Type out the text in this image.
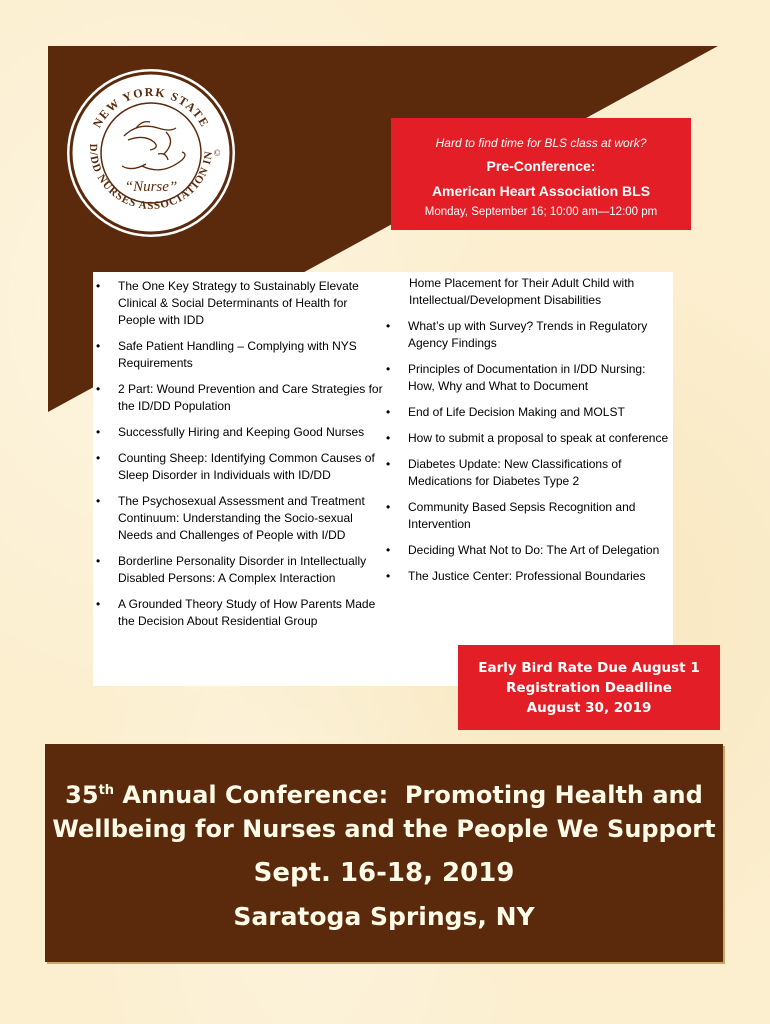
NEW YORK STATE
D/DD NURSES ASSOCIATION IN
“Nurse”
©
Hard to find time for BLS class at work?
Pre-Conference:
American Heart Association BLS
Monday, September 16; 10:00 am—12:00 pm
• The One Key Strategy to Sustainably Elevate Clinical & Social Determinants of Health for People with IDD
• Safe Patient Handling – Complying with NYS Requirements
• 2 Part: Wound Prevention and Care Strategies for the ID/DD Population
• Successfully Hiring and Keeping Good Nurses
• Counting Sheep: Identifying Common Causes of Sleep Disorder in Individuals with ID/DD
• The Psychosexual Assessment and Treatment Continuum: Understanding the Socio-sexual Needs and Challenges of People with I/DD
• Borderline Personality Disorder in Intellectually Disabled Persons: A Complex Interaction
• A Grounded Theory Study of How Parents Made the Decision About Residential Group
Home Placement for Their Adult Child with Intellectual/Development Disabilities
• What’s up with Survey? Trends in Regulatory Agency Findings
• Principles of Documentation in I/DD Nursing: How, Why and What to Document
• End of Life Decision Making and MOLST
• How to submit a proposal to speak at conference
• Diabetes Update: New Classifications of Medications for Diabetes Type 2
• Community Based Sepsis Recognition and Intervention
• Deciding What Not to Do: The Art of Delegation
• The Justice Center: Professional Boundaries
Early Bird Rate Due August 1
Registration Deadline
August 30, 2019
35th Annual Conference:  Promoting Health and
Wellbeing for Nurses and the People We Support
Sept. 16-18, 2019
Saratoga Springs, NY
